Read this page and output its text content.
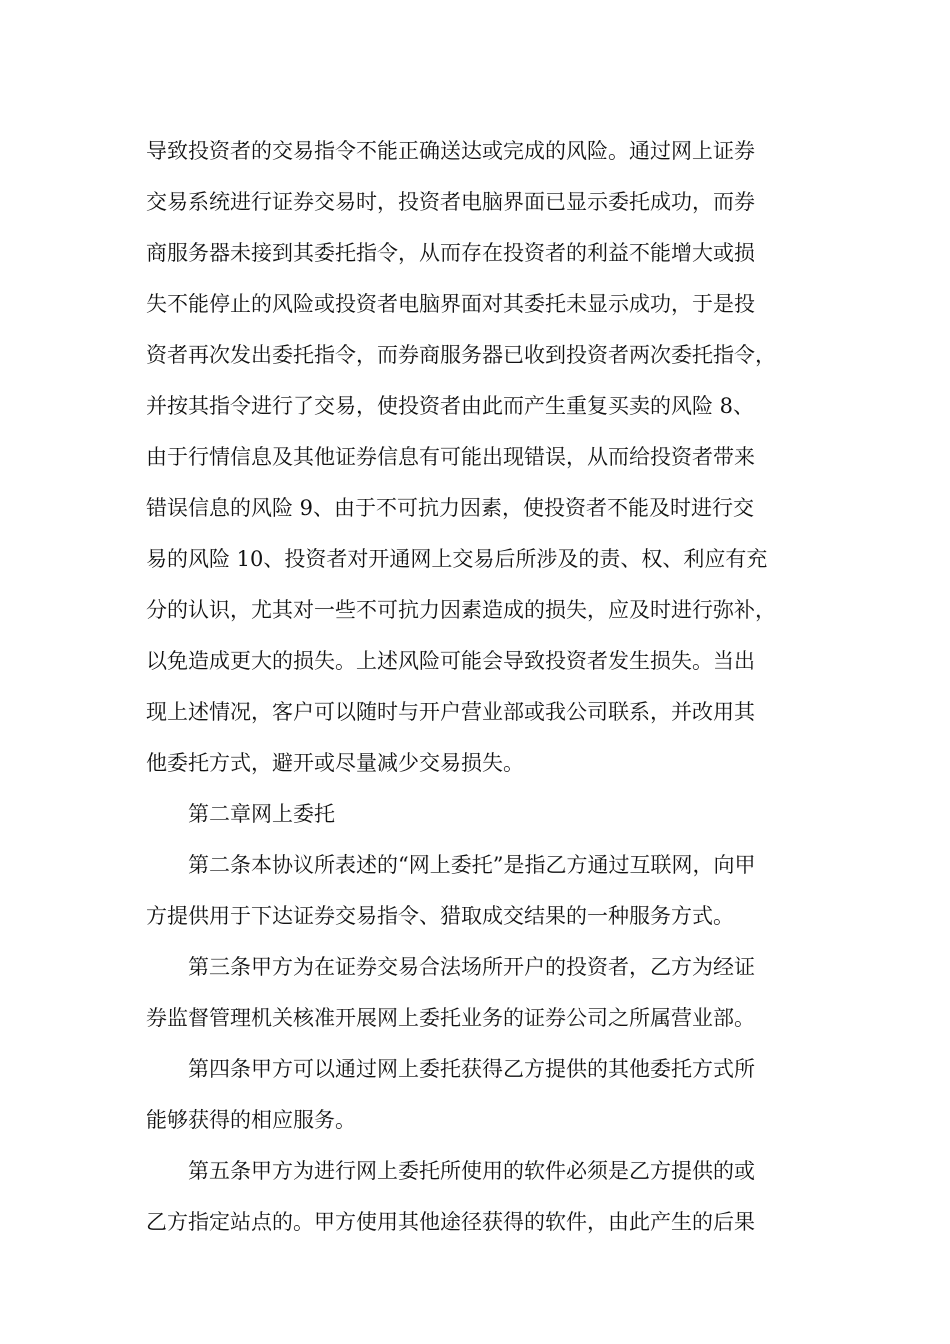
导致投资者的交易指令不能正确送达或完成的风险。通过网上证券
交易系统进行证券交易时，投资者电脑界面已显示委托成功，而券
商服务器未接到其委托指令，从而存在投资者的利益不能增大或损
失不能停止的风险或投资者电脑界面对其委托未显示成功，于是投
资者再次发出委托指令，而券商服务器已收到投资者两次委托指令，
并按其指令进行了交易，使投资者由此而产生重复买卖的风险 8、
由于行情信息及其他证券信息有可能出现错误，从而给投资者带来
错误信息的风险 9、由于不可抗力因素，使投资者不能及时进行交
易的风险 10、投资者对开通网上交易后所涉及的责、权、利应有充
分的认识，尤其对一些不可抗力因素造成的损失，应及时进行弥补，
以免造成更大的损失。上述风险可能会导致投资者发生损失。当出
现上述情况，客户可以随时与开户营业部或我公司联系，并改用其
他委托方式，避开或尽量减少交易损失。
第二章网上委托
第二条本协议所表述的“网上委托”是指乙方通过互联网，向甲
方提供用于下达证券交易指令、猎取成交结果的一种服务方式。
第三条甲方为在证券交易合法场所开户的投资者，乙方为经证
券监督管理机关核准开展网上委托业务的证券公司之所属营业部。
第四条甲方可以通过网上委托获得乙方提供的其他委托方式所
能够获得的相应服务。
第五条甲方为进行网上委托所使用的软件必须是乙方提供的或
乙方指定站点的。甲方使用其他途径获得的软件，由此产生的后果
